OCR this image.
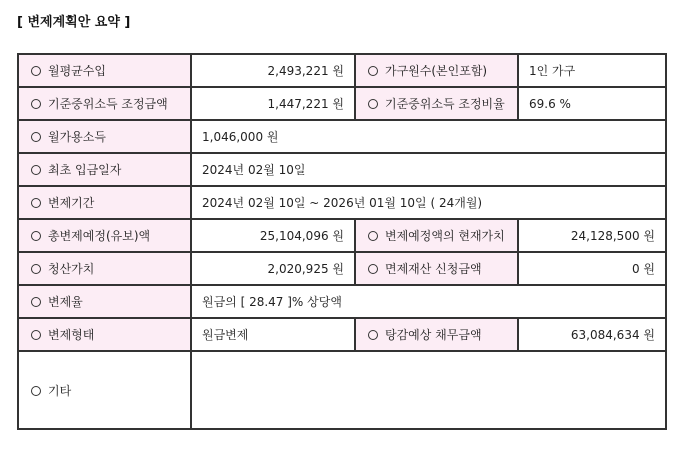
[ 변제계획안 요약 ]
월평균수입	2,493,221 원	가구원수(본인포함)	1인 가구
기준중위소득 조정금액	1,447,221 원	기준중위소득 조정비율	69.6 %
월가용소득	1,046,000 원		
최초 입금일자	2024년 02월 10일		
변제기간	2024년 02월 10일 ~ 2026년 01월 10일 ( 24개월)		
총변제예정(유보)액	25,104,096 원	변제예정액의 현재가치	24,128,500 원
청산가치	2,020,925 원	면제재산 신청금액	0 원
변제율	원금의 [ 28.47 ]% 상당액		
변제형태	원금변제	탕감예상 채무금액	63,084,634 원
기타			
